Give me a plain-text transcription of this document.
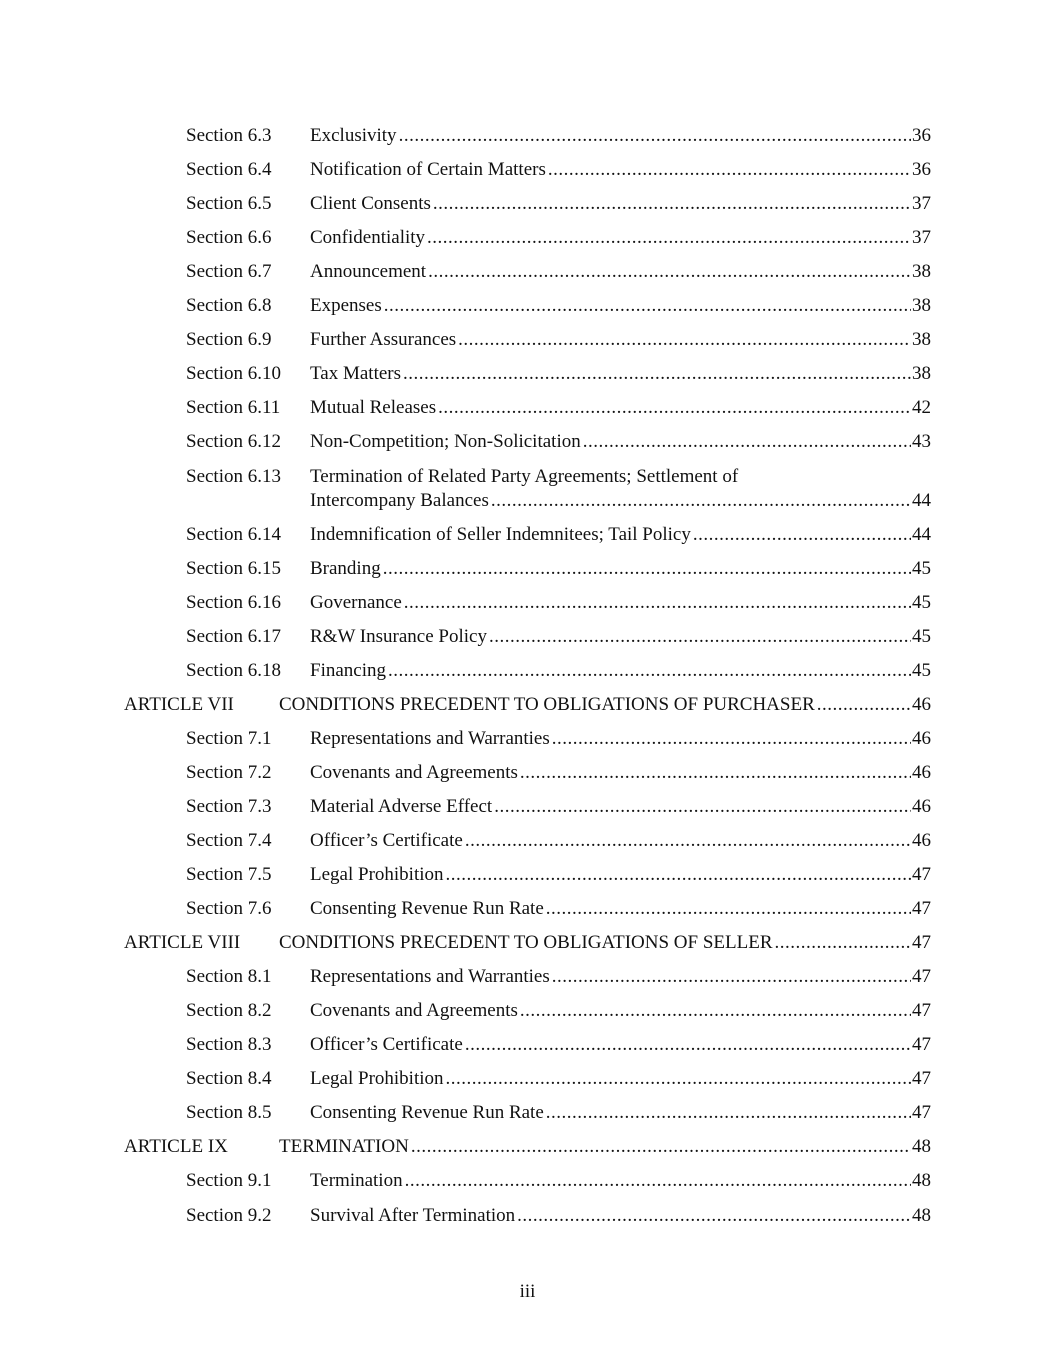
Section 6.3 Exclusivity .....	36
Section 6.4 Notification of Certain Matters .....	36
Section 6.5 Client Consents .....	37
Section 6.6 Confidentiality .....	37
Section 6.7 Announcement .....	38
Section 6.8 Expenses .....	38
Section 6.9 Further Assurances .....	38
Section 6.10 Tax Matters .....	38
Section 6.11 Mutual Releases .....	42
Section 6.12 Non-Competition; Non-Solicitation .....	43
Section 6.13 Termination of Related Party Agreements; Settlement of
Intercompany Balances .....	44
Section 6.14 Indemnification of Seller Indemnitees; Tail Policy .....	44
Section 6.15 Branding .....	45
Section 6.16 Governance .....	45
Section 6.17 R&W Insurance Policy .....	45
Section 6.18 Financing .....	45
ARTICLE VII CONDITIONS PRECEDENT TO OBLIGATIONS OF PURCHASER .....	46
Section 7.1 Representations and Warranties .....	46
Section 7.2 Covenants and Agreements .....	46
Section 7.3 Material Adverse Effect .....	46
Section 7.4 Officer’s Certificate .....	46
Section 7.5 Legal Prohibition .....	47
Section 7.6 Consenting Revenue Run Rate .....	47
ARTICLE VIII CONDITIONS PRECEDENT TO OBLIGATIONS OF SELLER .....	47
Section 8.1 Representations and Warranties .....	47
Section 8.2 Covenants and Agreements .....	47
Section 8.3 Officer’s Certificate .....	47
Section 8.4 Legal Prohibition .....	47
Section 8.5 Consenting Revenue Run Rate .....	47
ARTICLE IX	TERMINATION .....	48
Section 9.1 Termination .....	48
Section 9.2 Survival After Termination .....	48
iii
